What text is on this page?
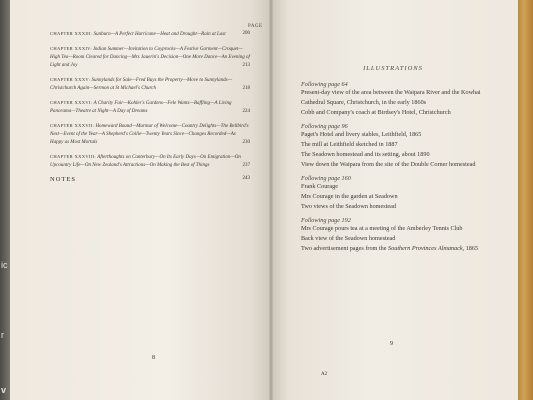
ic
r
v
PAGE
CHAPTER XXXIII: Sunburn—A Perfect Hurricane—Heat and Drought—Rain at Last	200
CHAPTER XXXIV: Indian Summer—Invitation to Coyprocks—A Festive Garment—Croquet—High Tea—Room Cleared for Dancing—Mrs Jauerin's Decision—One More Dance—An Evening of Light and Joy	213
CHAPTER XXXV: Sunnylands for Sale—Fred Buys the Property—Move to Sunnylands—Christchurch Again—Sermon at St Michael's Church	218
CHAPTER XXXVI: A Charity Fair—Kohler's Gardens—Fele Wants—Baffling—A Living Panorama—Theatre at Night—A Day of Dreams	224
CHAPTER XXXVII: Homeward Bound—Murmur of Welcome—Country Delights—The Bellbird's Nest—Event of the Year—A Shepherd's Collie—Twenty Years Since—Changes Recorded—As Happy as Most Mortals	230
CHAPTER XXXVIII: Afterthoughts on Canterbury—On Its Early Days—On Emigration—On Upcountry Life—On New Zealand's Attractions—On Making the Best of Things	237
NOTES	243
8
ILLUSTRATIONS
Following page 64
Present-day view of the area between the Waipara River and the Kowhai
Cathedral Square, Christchurch, in the early 1860s
Cobb and Company's coach at Birdsey's Hotel, Christchurch
Following page 96
Paget's Hotel and livery stables, Leithfield, 1865
The mill at Leithfield sketched in 1887
The Seadown homestead and its setting, about 1890
View down the Waipara from the site of the Double Corner homestead
Following page 160
Frank Courage
Mrs Courage in the garden at Seadown
Two views of the Seadown homestead
Following page 192
Mrs Courage pours tea at a meeting of the Amberley Tennis Club
Back view of the Seadown homestead
Two advertisement pages from the Southern Provinces Almanack, 1865
9
A2
